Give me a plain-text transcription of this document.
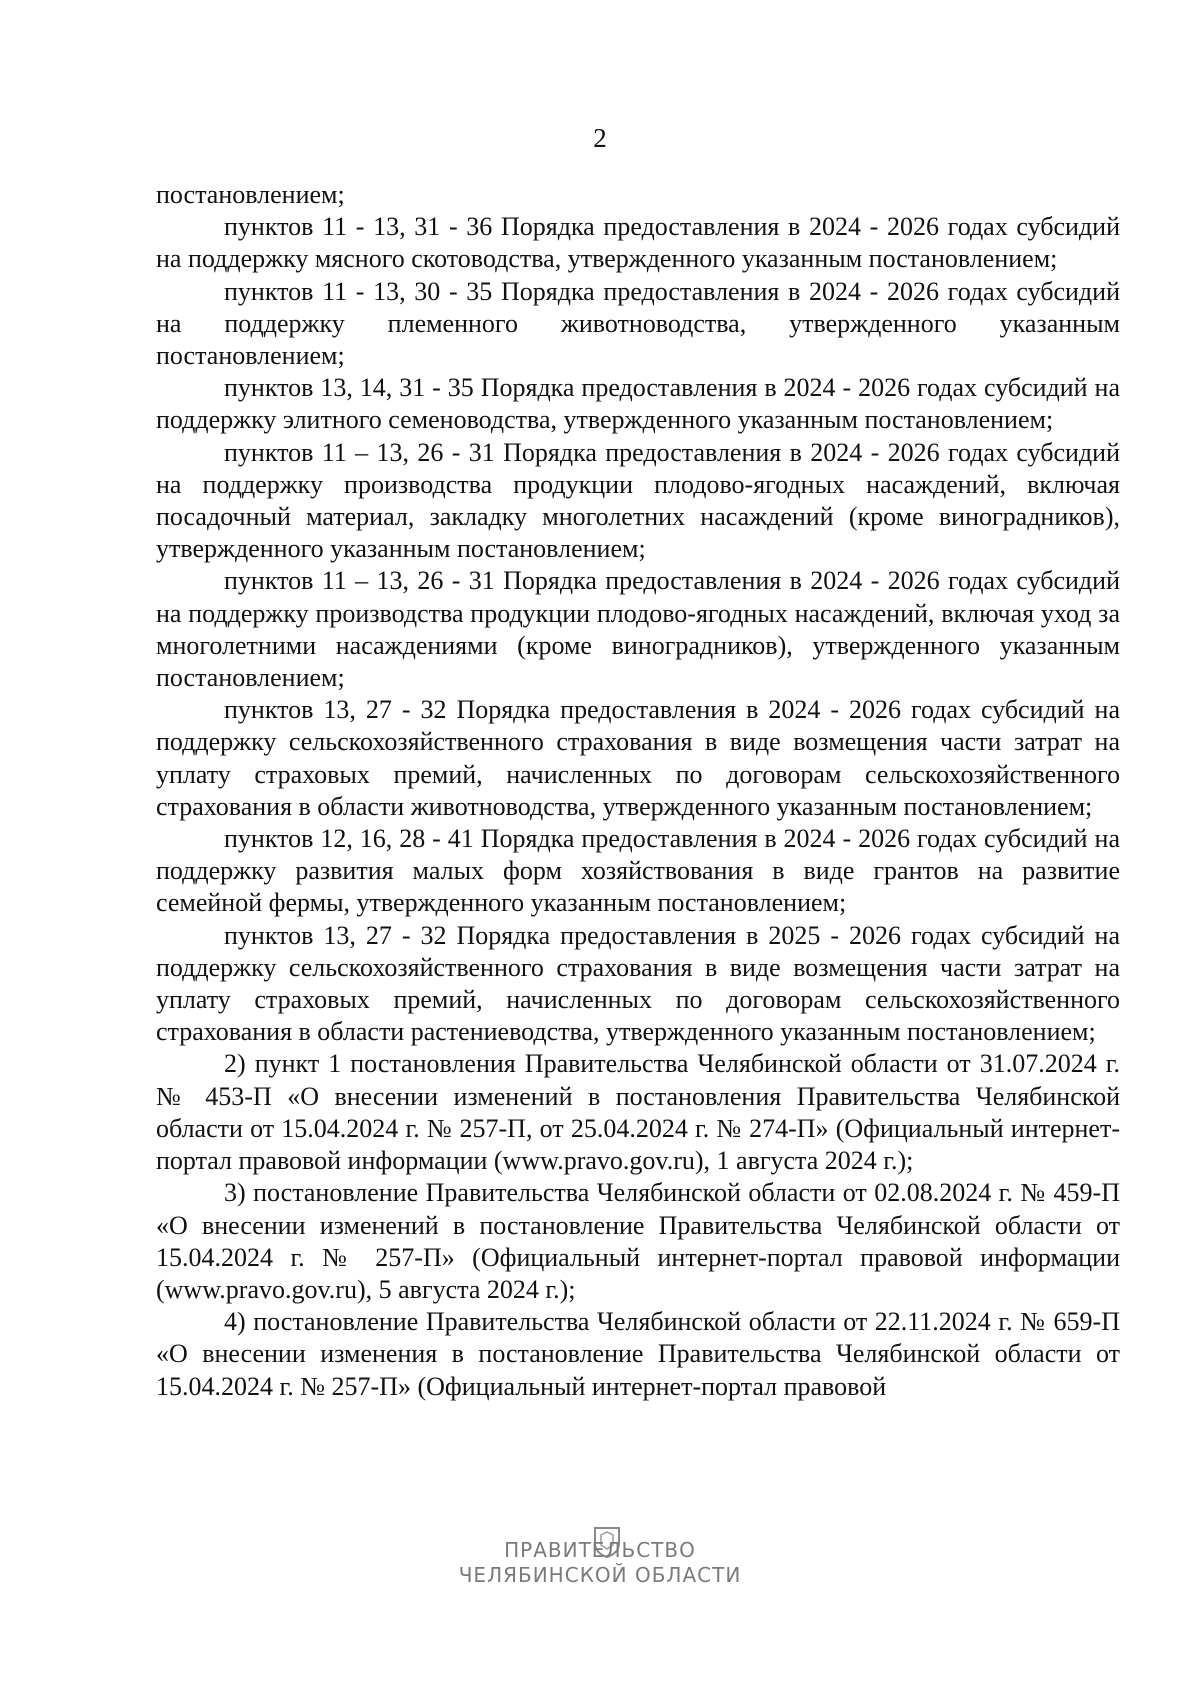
2

постановлением;

пунктов 11 - 13, 31 - 36 Порядка предоставления в 2024 - 2026 годах субсидий на поддержку мясного скотоводства, утвержденного указанным постановлением;

пунктов 11 - 13, 30 - 35 Порядка предоставления в 2024 - 2026 годах субсидий на поддержку племенного животноводства, утвержденного указанным постановлением;

пунктов 13, 14, 31 - 35 Порядка предоставления в 2024 - 2026 годах субсидий на поддержку элитного семеноводства, утвержденного указанным постановлением;

пунктов 11 – 13, 26 - 31 Порядка предоставления в 2024 - 2026 годах субсидий на поддержку производства продукции плодово-ягодных насаждений, включая посадочный материал, закладку многолетних насаждений (кроме виноградников), утвержденного указанным постановлением;

пунктов 11 – 13, 26 - 31 Порядка предоставления в 2024 - 2026 годах субсидий на поддержку производства продукции плодово-ягодных насаждений, включая уход за многолетними насаждениями (кроме виноградников), утвержденного указанным постановлением;

пунктов 13, 27 - 32 Порядка предоставления в 2024 - 2026 годах субсидий на поддержку сельскохозяйственного страхования в виде возмещения части затрат на уплату страховых премий, начисленных по договорам сельскохозяйственного страхования в области животноводства, утвержденного указанным постановлением;

пунктов 12, 16, 28 - 41 Порядка предоставления в 2024 - 2026 годах субсидий на поддержку развития малых форм хозяйствования в виде грантов на развитие семейной фермы, утвержденного указанным постановлением;

пунктов 13, 27 - 32 Порядка предоставления в 2025 - 2026 годах субсидий на поддержку сельскохозяйственного страхования в виде возмещения части затрат на уплату страховых премий, начисленных по договорам сельскохозяйственного страхования в области растениеводства, утвержденного указанным постановлением;

2) пункт 1 постановления Правительства Челябинской области от 31.07.2024 г. № 453-П «О внесении изменений в постановления Правительства Челябинской области от 15.04.2024 г. № 257-П, от 25.04.2024 г. № 274-П» (Официальный интернет-портал правовой информации (www.pravo.gov.ru), 1 августа 2024 г.);

3) постановление Правительства Челябинской области от 02.08.2024 г. № 459-П «О внесении изменений в постановление Правительства Челябинской области от 15.04.2024 г. № 257-П» (Официальный интернет-портал правовой информации (www.pravo.gov.ru), 5 августа 2024 г.);

4) постановление Правительства Челябинской области от 22.11.2024 г. № 659-П «О внесении изменения в постановление Правительства Челябинской области от 15.04.2024 г. № 257-П» (Официальный интернет-портал правовой

ПРАВИТЕЛЬСТВО
ЧЕЛЯБИНСКОЙ ОБЛАСТИ
